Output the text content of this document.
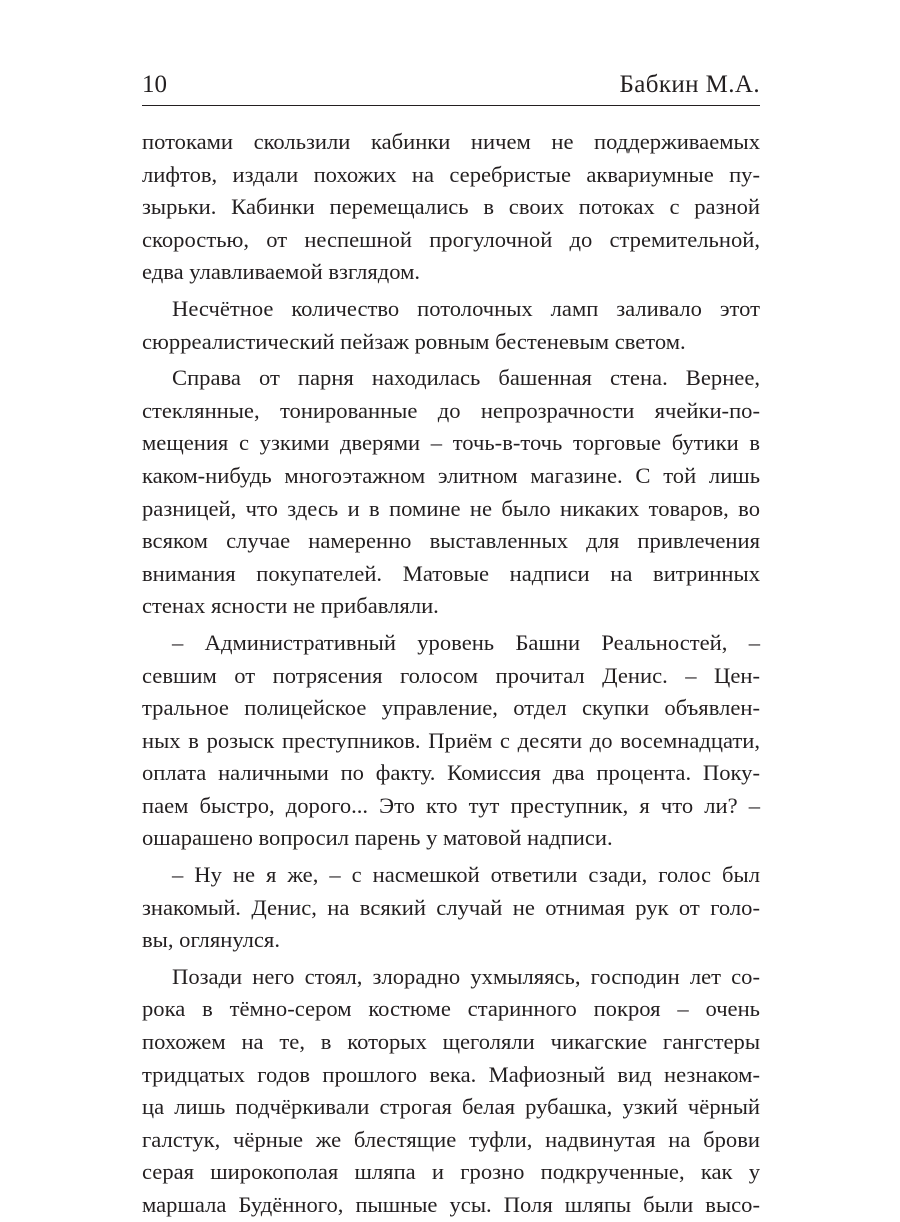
10	Бабкин М.А.
потоками скользили кабинки ничем не поддерживаемых
лифтов, издали похожих на серебристые аквариумные пу-
зырьки. Кабинки перемещались в своих потоках с разной
скоростью, от неспешной прогулочной до стремительной,
едва улавливаемой взглядом.
Несчётное количество потолочных ламп заливало этот
сюрреалистический пейзаж ровным бестеневым светом.
Справа от парня находилась башенная стена. Вернее,
стеклянные, тонированные до непрозрачности ячейки-по-
мещения с узкими дверями – точь-в-точь торговые бутики в
каком-нибудь многоэтажном элитном магазине. С той лишь
разницей, что здесь и в помине не было никаких товаров, во
всяком случае намеренно выставленных для привлечения
внимания покупателей. Матовые надписи на витринных
стенах ясности не прибавляли.
– Административный уровень Башни Реальностей, –
севшим от потрясения голосом прочитал Денис. – Цен-
тральное полицейское управление, отдел скупки объявлен-
ных в розыск преступников. Приём с десяти до восемнадцати,
оплата наличными по факту. Комиссия два процента. Поку-
паем быстро, дорого... Это кто тут преступник, я что ли? –
ошарашено вопросил парень у матовой надписи.
– Ну не я же, – с насмешкой ответили сзади, голос был
знакомый. Денис, на всякий случай не отнимая рук от голо-
вы, оглянулся.
Позади него стоял, злорадно ухмыляясь, господин лет со-
рока в тёмно-сером костюме старинного покроя – очень
похожем на те, в которых щеголяли чикагские гангстеры
тридцатых годов прошлого века. Мафиозный вид незнаком-
ца лишь подчёркивали строгая белая рубашка, узкий чёрный
галстук, чёрные же блестящие туфли, надвинутая на брови
серая широкополая шляпа и грозно подкрученные, как у
маршала Будённого, пышные усы. Поля шляпы были высо-
